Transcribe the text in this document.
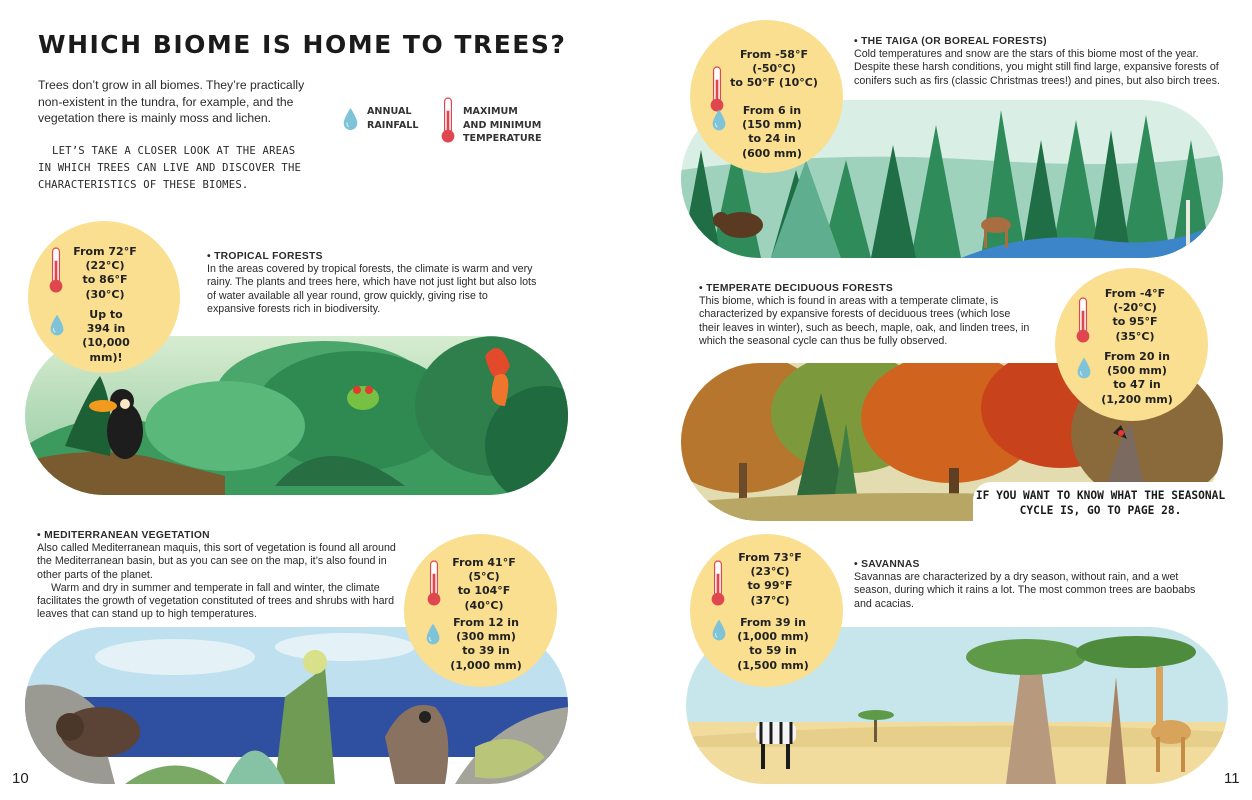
WHICH BIOME IS HOME TO TREES?
Trees don’t grow in all biomes. They’re practically non-existent in the tundra, for example, and the vegetation there is mainly moss and lichen.
LET’S TAKE A CLOSER LOOK AT THE AREAS IN WHICH TREES CAN LIVE AND DISCOVER THE CHARACTERISTICS OF THESE BIOMES.
ANNUAL
RAINFALL
MAXIMUM
AND MINIMUM
TEMPERATURE
From 72°F
(22°C)
to 86°F
(30°C)
Up to
394 in
(10,000 mm)!
• TROPICAL FORESTS
In the areas covered by tropical forests, the climate is warm and very rainy. The plants and trees here, which have not just light but also lots of water available all year round, grow quickly, giving rise to expansive forests rich in biodiversity.
• MEDITERRANEAN VEGETATION
Also called Mediterranean maquis, this sort of vegetation is found all around the Mediterranean basin, but as you can see on the map, it’s also found in other parts of the planet.
Warm and dry in summer and temperate in fall and winter, the climate facilitates the growth of vegetation constituted of trees and shrubs with hard leaves that can stand up to high temperatures.
From 41°F
(5°C)
to 104°F
(40°C)
From 12 in
(300 mm)
to 39 in
(1,000 mm)
10
• THE TAIGA (OR BOREAL FORESTS)
Cold temperatures and snow are the stars of this biome most of the year. Despite these harsh conditions, you might still find large, expansive forests of conifers such as firs (classic Christmas trees!) and pines, but also birch trees.
From -58°F
(-50°C)
to 50°F (10°C)
From 6 in
(150 mm)
to 24 in
(600 mm)
• TEMPERATE DECIDUOUS FORESTS
This biome, which is found in areas with a temperate climate, is characterized by expansive forests of deciduous trees (which lose their leaves in winter), such as beech, maple, oak, and linden trees, in which the seasonal cycle can thus be fully observed.
From -4°F
(-20°C)
to 95°F
(35°C)
From 20 in
(500 mm)
to 47 in
(1,200 mm)
IF YOU WANT TO KNOW WHAT THE SEASONAL CYCLE IS, GO TO PAGE 28.
• SAVANNAS
Savannas are characterized by a dry season, without rain, and a wet season, during which it rains a lot. The most common trees are baobabs and acacias.
From 73°F
(23°C)
to 99°F
(37°C)
From 39 in
(1,000 mm)
to 59 in
(1,500 mm)
11
